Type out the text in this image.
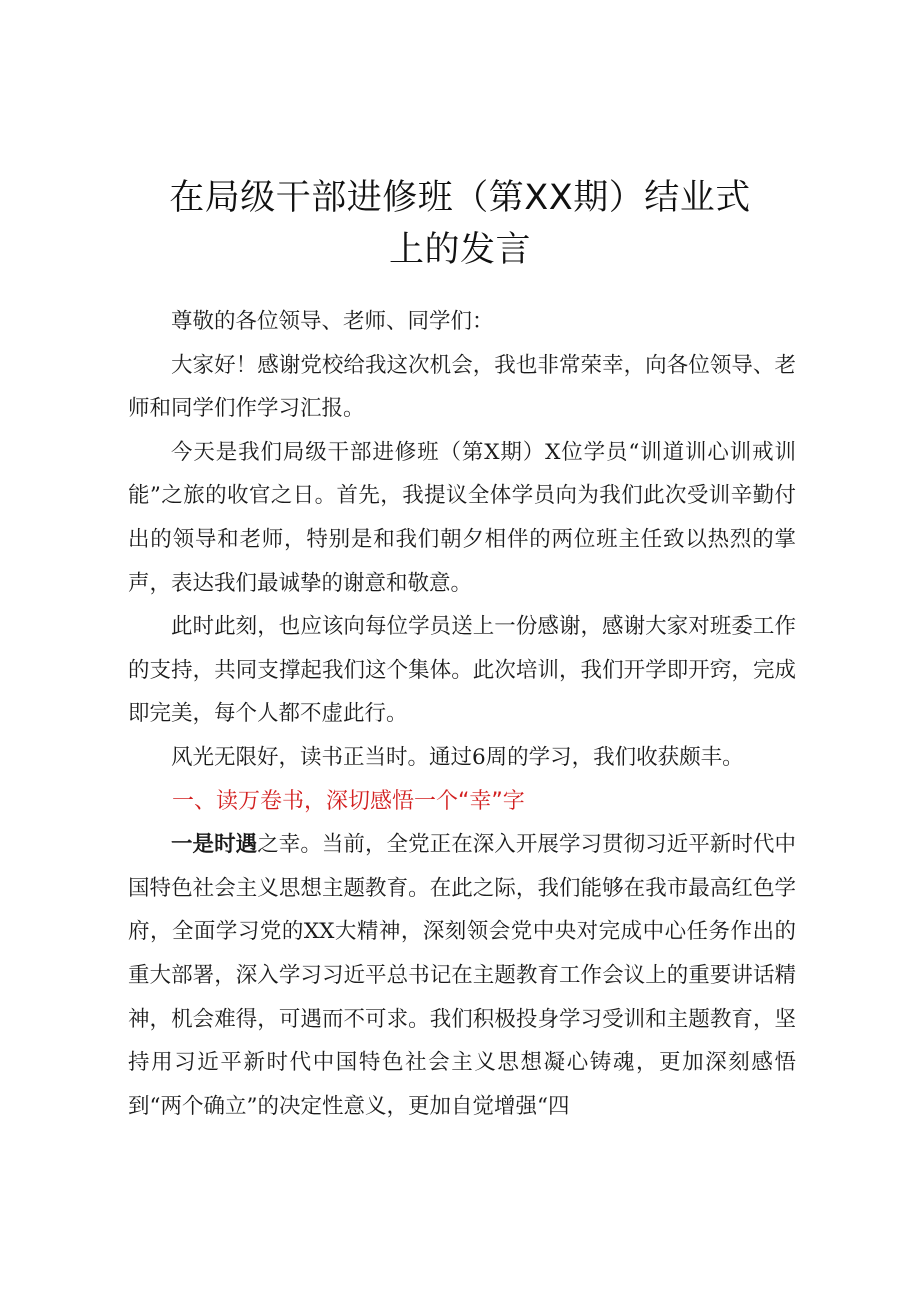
在局级干部进修班（第XX期）结业式
上的发言

尊敬的各位领导、老师、同学们：

大家好！感谢党校给我这次机会，我也非常荣幸，向各位领导、老师和同学们作学习汇报。

今天是我们局级干部进修班（第X期）X位学员“训道训心训戒训能”之旅的收官之日。首先，我提议全体学员向为我们此次受训辛勤付出的领导和老师，特别是和我们朝夕相伴的两位班主任致以热烈的掌声，表达我们最诚挚的谢意和敬意。

此时此刻，也应该向每位学员送上一份感谢，感谢大家对班委工作的支持，共同支撑起我们这个集体。此次培训，我们开学即开窍，完成即完美，每个人都不虚此行。

风光无限好，读书正当时。通过6周的学习，我们收获颇丰。

一、读万卷书，深切感悟一个“幸”字

一是时遇之幸。当前，全党正在深入开展学习贯彻习近平新时代中国特色社会主义思想主题教育。在此之际，我们能够在我市最高红色学府，全面学习党的XX大精神，深刻领会党中央对完成中心任务作出的重大部署，深入学习习近平总书记在主题教育工作会议上的重要讲话精神，机会难得，可遇而不可求。我们积极投身学习受训和主题教育，坚持用习近平新时代中国特色社会主义思想凝心铸魂，更加深刻感悟到“两个确立”的决定性意义，更加自觉增强“四
